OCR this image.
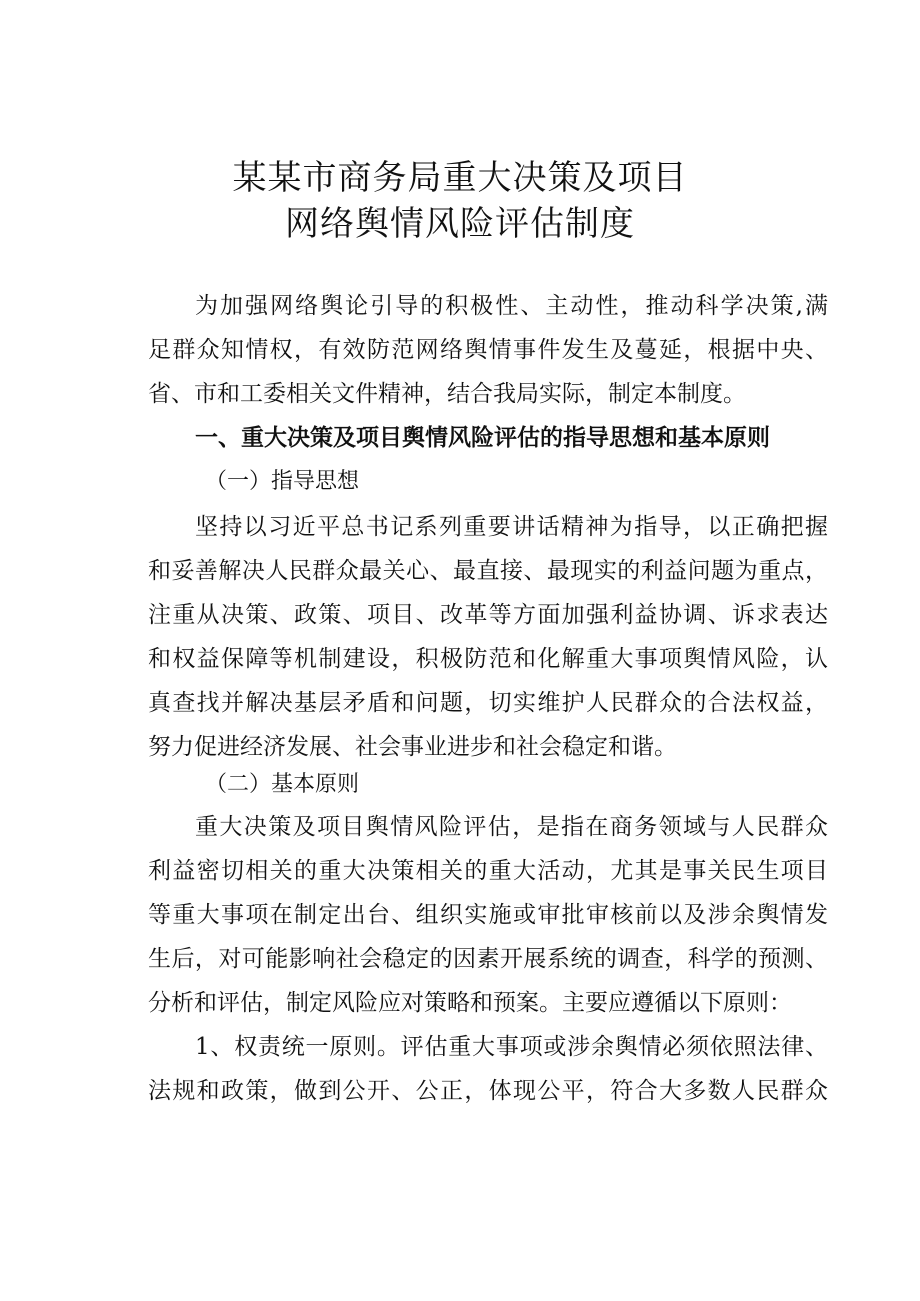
某某市商务局重大决策及项目
网络舆情风险评估制度
为加强网络舆论引导的积极性、主动性，推动科学决策,满
足群众知情权，有效防范网络舆情事件发生及蔓延，根据中央、
省、市和工委相关文件精神，结合我局实际，制定本制度。
一、重大决策及项目舆情风险评估的指导思想和基本原则
（一）指导思想
坚持以习近平总书记系列重要讲话精神为指导，以正确把握
和妥善解决人民群众最关心、最直接、最现实的利益问题为重点，
注重从决策、政策、项目、改革等方面加强利益协调、诉求表达
和权益保障等机制建设，积极防范和化解重大事项舆情风险，认
真查找并解决基层矛盾和问题，切实维护人民群众的合法权益，
努力促进经济发展、社会事业进步和社会稳定和谐。
（二）基本原则
重大决策及项目舆情风险评估，是指在商务领域与人民群众
利益密切相关的重大决策相关的重大活动，尤其是事关民生项目
等重大事项在制定出台、组织实施或审批审核前以及涉余舆情发
生后，对可能影响社会稳定的因素开展系统的调查，科学的预测、
分析和评估，制定风险应对策略和预案。主要应遵循以下原则：
1、权责统一原则。评估重大事项或涉余舆情必须依照法律、
法规和政策，做到公开、公正，体现公平，符合大多数人民群众
